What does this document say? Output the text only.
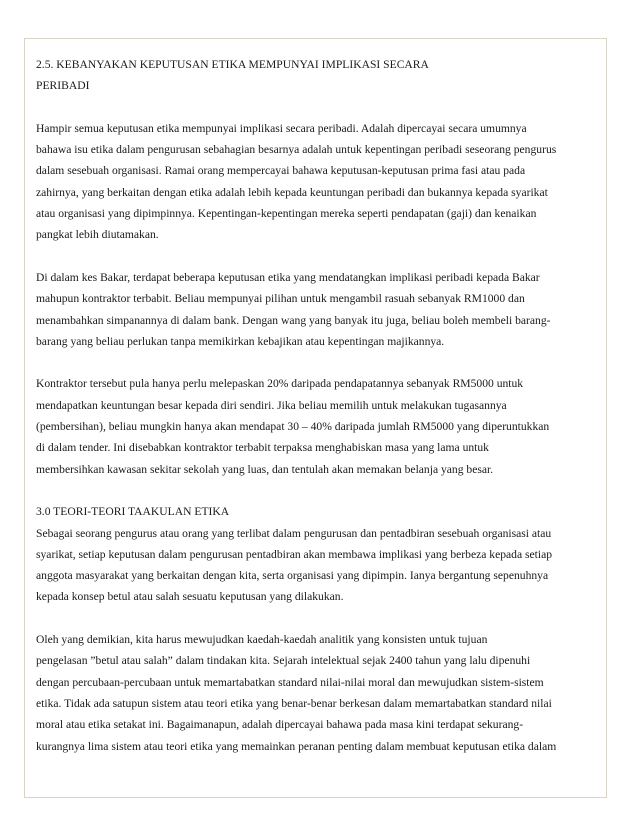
2.5. KEBANYAKAN KEPUTUSAN ETIKA MEMPUNYAI IMPLIKASI SECARA
PERIBADI
Hampir semua keputusan etika mempunyai implikasi secara peribadi. Adalah dipercayai secara umumnya
bahawa isu etika dalam pengurusan sebahagian besarnya adalah untuk kepentingan peribadi seseorang pengurus
dalam sesebuah organisasi. Ramai orang mempercayai bahawa keputusan-keputusan prima fasi atau pada
zahirnya, yang berkaitan dengan etika adalah lebih kepada keuntungan peribadi dan bukannya kepada syarikat
atau organisasi yang dipimpinnya. Kepentingan-kepentingan mereka seperti pendapatan (gaji) dan kenaikan
pangkat lebih diutamakan.
Di dalam kes Bakar, terdapat beberapa keputusan etika yang mendatangkan implikasi peribadi kepada Bakar
mahupun kontraktor terbabit. Beliau mempunyai pilihan untuk mengambil rasuah sebanyak RM1000 dan
menambahkan simpanannya di dalam bank. Dengan wang yang banyak itu juga, beliau boleh membeli barang-
barang yang beliau perlukan tanpa memikirkan kebajikan atau kepentingan majikannya.
Kontraktor tersebut pula hanya perlu melepaskan 20% daripada pendapatannya sebanyak RM5000 untuk
mendapatkan keuntungan besar kepada diri sendiri. Jika beliau memilih untuk melakukan tugasannya
(pembersihan), beliau mungkin hanya akan mendapat 30 – 40% daripada jumlah RM5000 yang diperuntukkan
di dalam tender. Ini disebabkan kontraktor terbabit terpaksa menghabiskan masa yang lama untuk
membersihkan kawasan sekitar sekolah yang luas, dan tentulah akan memakan belanja yang besar.
3.0 TEORI-TEORI TAAKULAN ETIKA
Sebagai seorang pengurus atau orang yang terlibat dalam pengurusan dan pentadbiran sesebuah organisasi atau
syarikat, setiap keputusan dalam pengurusan pentadbiran akan membawa implikasi yang berbeza kepada setiap
anggota masyarakat yang berkaitan dengan kita, serta organisasi yang dipimpin. Ianya bergantung sepenuhnya
kepada konsep betul atau salah sesuatu keputusan yang dilakukan.
Oleh yang demikian, kita harus mewujudkan kaedah-kaedah analitik yang konsisten untuk tujuan
pengelasan ”betul atau salah” dalam tindakan kita. Sejarah intelektual sejak 2400 tahun yang lalu dipenuhi
dengan percubaan-percubaan untuk memartabatkan standard nilai-nilai moral dan mewujudkan sistem-sistem
etika. Tidak ada satupun sistem atau teori etika yang benar-benar berkesan dalam memartabatkan standard nilai
moral atau etika setakat ini. Bagaimanapun, adalah dipercayai bahawa pada masa kini terdapat sekurang-
kurangnya lima sistem atau teori etika yang memainkan peranan penting dalam membuat keputusan etika dalam
